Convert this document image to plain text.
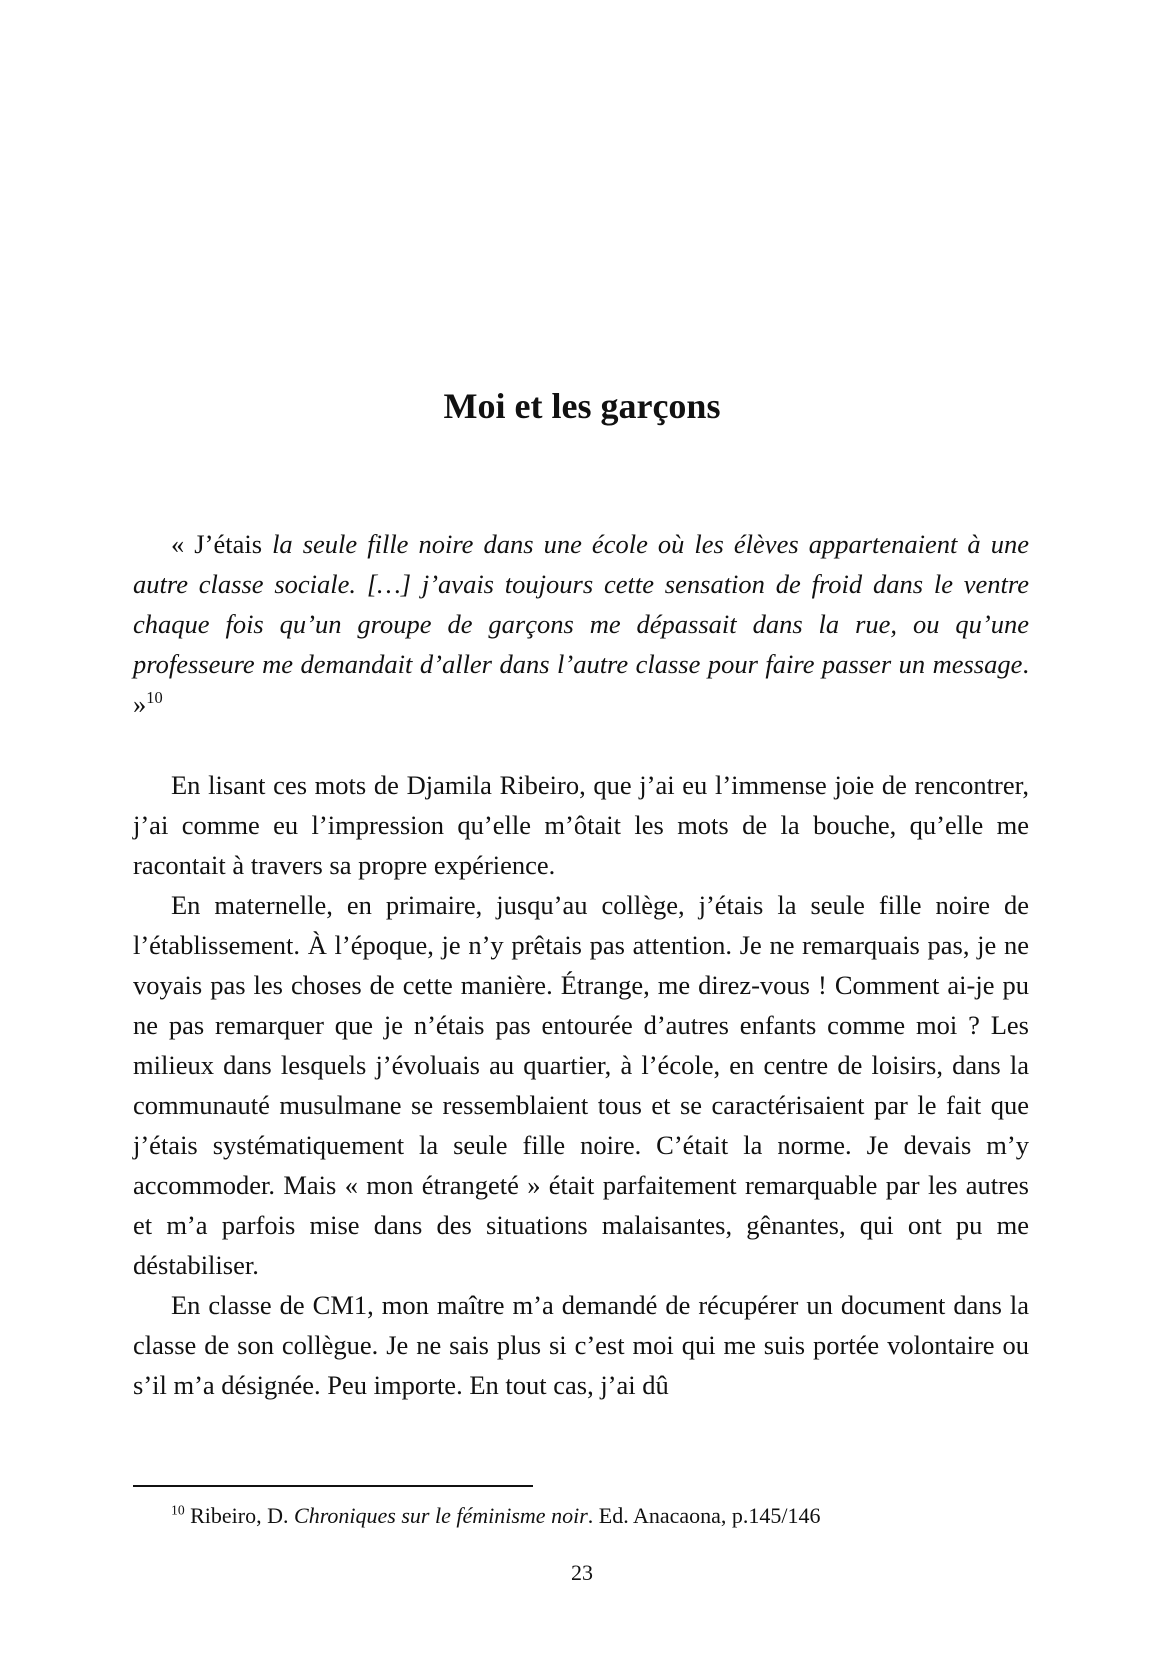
Moi et les garçons

« J’étais la seule fille noire dans une école où les élèves appartenaient à une autre classe sociale. […] j’avais toujours cette sensation de froid dans le ventre chaque fois qu’un groupe de garçons me dépassait dans la rue, ou qu’une professeure me demandait d’aller dans l’autre classe pour faire passer un message. »$^{10}$

En lisant ces mots de Djamila Ribeiro, que j’ai eu l’immense joie de rencontrer, j’ai comme eu l’impression qu’elle m’ôtait les mots de la bouche, qu’elle me racontait à travers sa propre expérience.

En maternelle, en primaire, jusqu’au collège, j’étais la seule fille noire de l’établissement. À l’époque, je n’y prêtais pas attention. Je ne remarquais pas, je ne voyais pas les choses de cette manière. Étrange, me direz-vous ! Comment ai-je pu ne pas remarquer que je n’étais pas entourée d’autres enfants comme moi ? Les milieux dans lesquels j’évoluais au quartier, à l’école, en centre de loisirs, dans la communauté musulmane se ressemblaient tous et se caractérisaient par le fait que j’étais systématiquement la seule fille noire. C’était la norme. Je devais m’y accommoder. Mais « mon étrangeté » était parfaitement remarquable par les autres et m’a parfois mise dans des situations malaisantes, gênantes, qui ont pu me déstabiliser.

En classe de CM1, mon maître m’a demandé de récupérer un document dans la classe de son collègue. Je ne sais plus si c’est moi qui me suis portée volontaire ou s’il m’a désignée. Peu importe. En tout cas, j’ai dû

$^{10}$ Ribeiro, D. Chroniques sur le féminisme noir. Ed. Anacaona, p.145/146
23
